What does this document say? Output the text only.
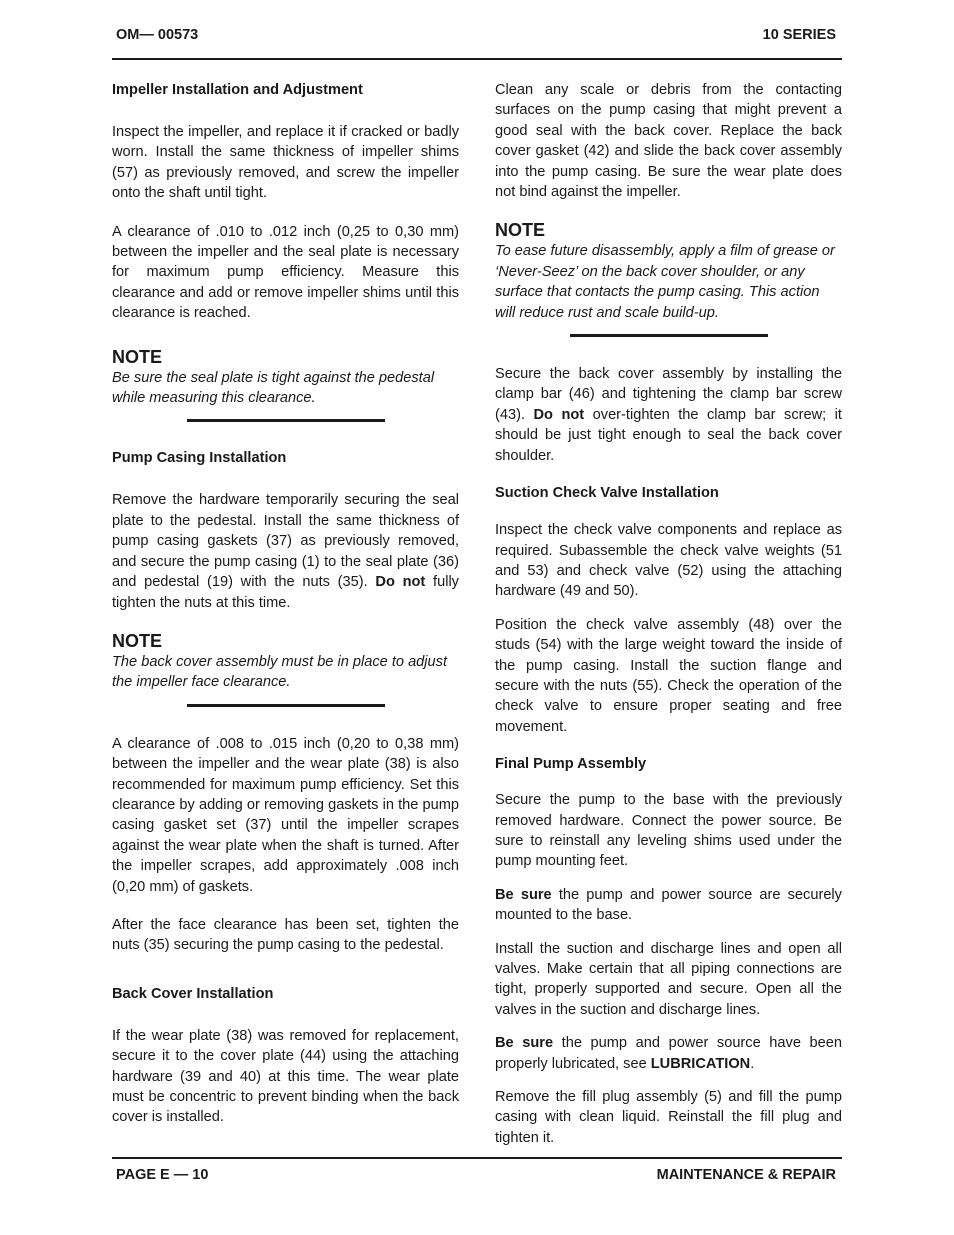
OM— 00573	10 SERIES
Impeller Installation and Adjustment

Inspect the impeller, and replace it if cracked or badly worn. Install the same thickness of impeller shims (57) as previously removed, and screw the impeller onto the shaft until tight.

A clearance of .010 to .012 inch (0,25 to 0,30 mm) between the impeller and the seal plate is necessary for maximum pump efficiency. Measure this clearance and add or remove impeller shims until this clearance is reached.

NOTE

Be sure the seal plate is tight against the pedestal while measuring this clearance.

Pump Casing Installation

Remove the hardware temporarily securing the seal plate to the pedestal. Install the same thickness of pump casing gaskets (37) as previously removed, and secure the pump casing (1) to the seal plate (36) and pedestal (19) with the nuts (35). Do not fully tighten the nuts at this time.

NOTE

The back cover assembly must be in place to adjust the impeller face clearance.

A clearance of .008 to .015 inch (0,20 to 0,38 mm) between the impeller and the wear plate (38) is also recommended for maximum pump efficiency. Set this clearance by adding or removing gaskets in the pump casing gasket set (37) until the impeller scrapes against the wear plate when the shaft is turned. After the impeller scrapes, add approximately .008 inch (0,20 mm) of gaskets.

After the face clearance has been set, tighten the nuts (35) securing the pump casing to the pedestal.

Back Cover Installation

If the wear plate (38) was removed for replacement, secure it to the cover plate (44) using the attaching hardware (39 and 40) at this time. The wear plate must be concentric to prevent binding when the back cover is installed.

Clean any scale or debris from the contacting surfaces on the pump casing that might prevent a good seal with the back cover. Replace the back cover gasket (42) and slide the back cover assembly into the pump casing. Be sure the wear plate does not bind against the impeller.

NOTE

To ease future disassembly, apply a film of grease or ‘Never-Seez’ on the back cover shoulder, or any surface that contacts the pump casing. This action will reduce rust and scale build-up.

Secure the back cover assembly by installing the clamp bar (46) and tightening the clamp bar screw (43). Do not over-tighten the clamp bar screw; it should be just tight enough to seal the back cover shoulder.

Suction Check Valve Installation

Inspect the check valve components and replace as required. Subassemble the check valve weights (51 and 53) and check valve (52) using the attaching hardware (49 and 50).

Position the check valve assembly (48) over the studs (54) with the large weight toward the inside of the pump casing. Install the suction flange and secure with the nuts (55). Check the operation of the check valve to ensure proper seating and free movement.

Final Pump Assembly

Secure the pump to the base with the previously removed hardware. Connect the power source. Be sure to reinstall any leveling shims used under the pump mounting feet.

Be sure the pump and power source are securely mounted to the base.

Install the suction and discharge lines and open all valves. Make certain that all piping connections are tight, properly supported and secure. Open all the valves in the suction and discharge lines.

Be sure the pump and power source have been properly lubricated, see LUBRICATION.

Remove the fill plug assembly (5) and fill the pump casing with clean liquid. Reinstall the fill plug and tighten it.

PAGE E — 10	MAINTENANCE & REPAIR
